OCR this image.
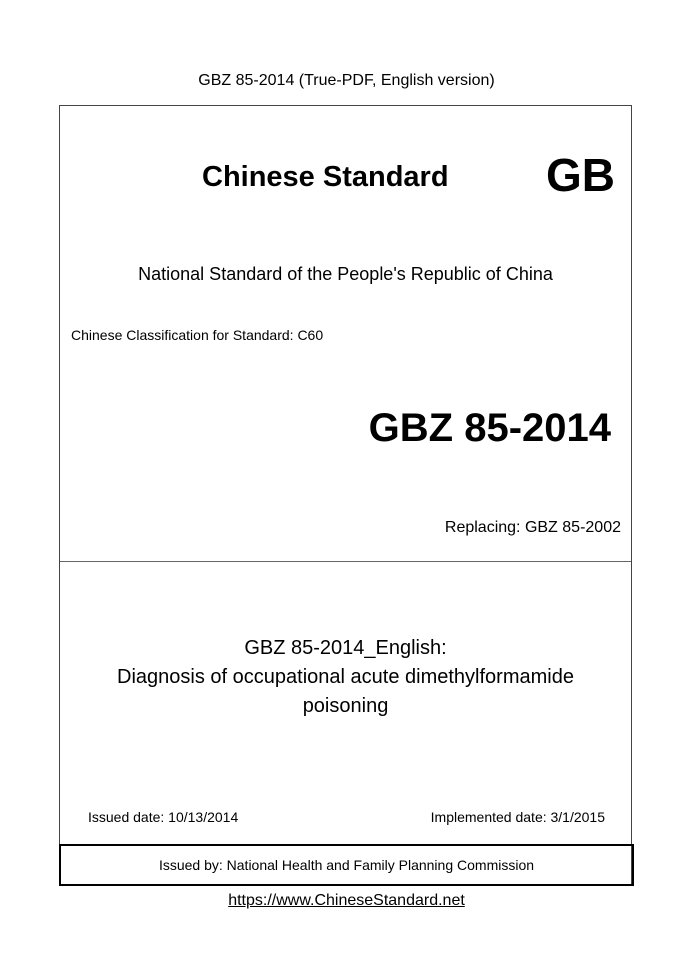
GBZ 85-2014 (True-PDF, English version)
Chinese Standard GB
National Standard of the People's Republic of China
Chinese Classification for Standard: C60
GBZ 85-2014
Replacing: GBZ 85-2002
GBZ 85-2014_English:
Diagnosis of occupational acute dimethylformamide
poisoning
Issued date: 10/13/2014	Implemented date: 3/1/2015
Issued by: National Health and Family Planning Commission
https://www.ChineseStandard.net
